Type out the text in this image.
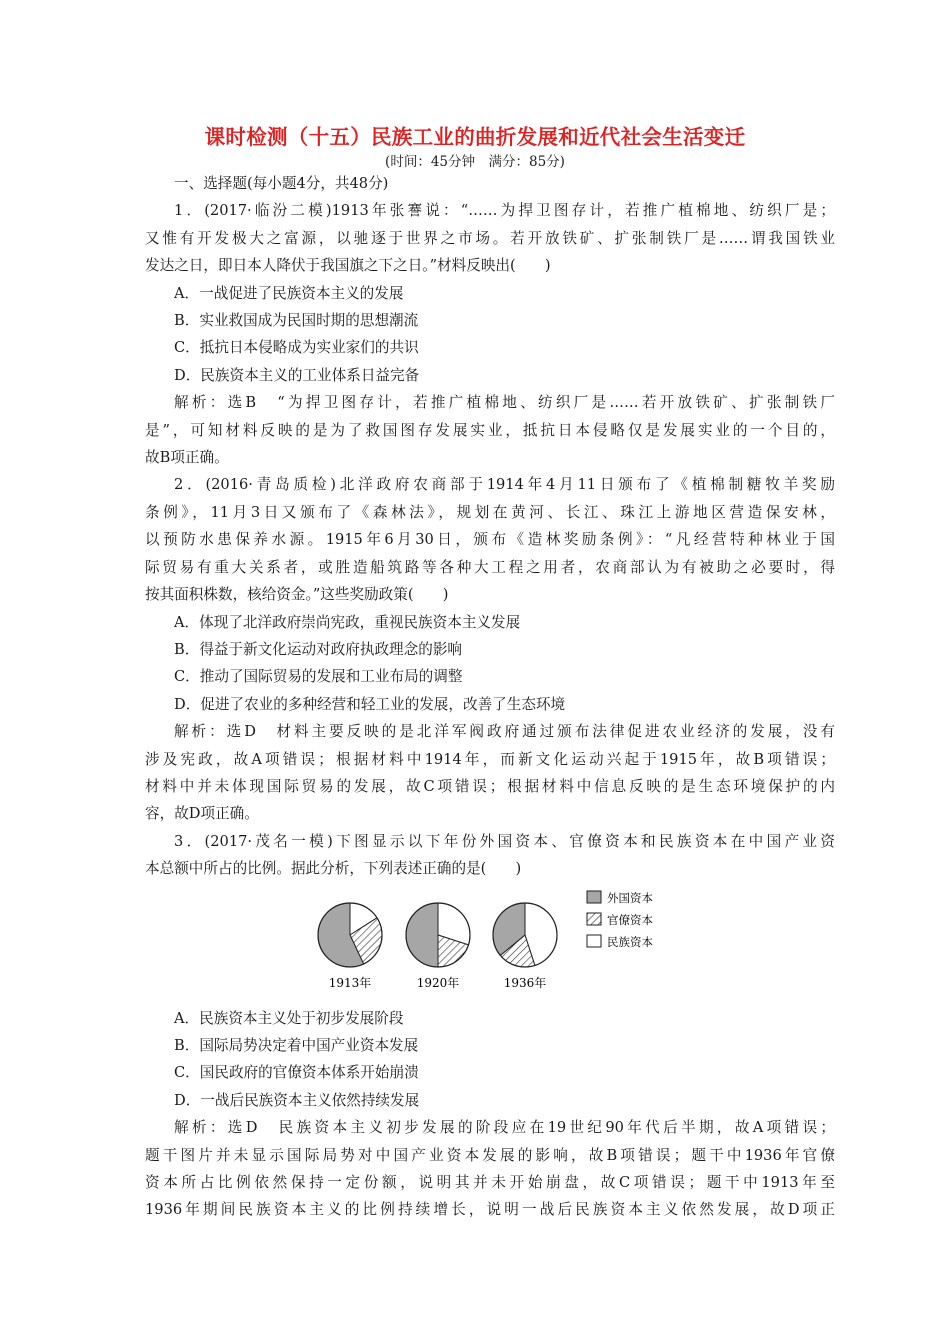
课时检测（十五）民族工业的曲折发展和近代社会生活变迁
(时间：45分钟　满分：85分)

一、选择题(每小题4分，共48分)

1．(2017·临汾二模)1913年张謇说：“……为捍卫图存计，若推广植棉地、纺织厂是；

又惟有开发极大之富源，以驰逐于世界之市场。若开放铁矿、扩张制铁厂是……谓我国铁业

发达之日，即日本人降伏于我国旗之下之日。”材料反映出(　　)

A．一战促进了民族资本主义的发展

B．实业救国成为民国时期的思想潮流

C．抵抗日本侵略成为实业家们的共识

D．民族资本主义的工业体系日益完备

解析：选B　“为捍卫图存计，若推广植棉地、纺织厂是……若开放铁矿、扩张制铁厂

是”，可知材料反映的是为了救国图存发展实业，抵抗日本侵略仅是发展实业的一个目的，

故B项正确。

2．(2016·青岛质检)北洋政府农商部于1914年4月11日颁布了《植棉制糖牧羊奖励

条例》，11月3日又颁布了《森林法》，规划在黄河、长江、珠江上游地区营造保安林，

以预防水患保养水源。1915年6月30日，颁布《造林奖励条例》：“凡经营特种林业于国

际贸易有重大关系者，或胜造船筑路等各种大工程之用者，农商部认为有被助之必要时，得

按其面积株数，核给资金。”这些奖励政策(　　)

A．体现了北洋政府崇尚宪政，重视民族资本主义发展

B．得益于新文化运动对政府执政理念的影响

C．推动了国际贸易的发展和工业布局的调整

D．促进了农业的多种经营和轻工业的发展，改善了生态环境

解析：选D　材料主要反映的是北洋军阀政府通过颁布法律促进农业经济的发展，没有

涉及宪政，故A项错误；根据材料中1914年，而新文化运动兴起于1915年，故B项错误；

材料中并未体现国际贸易的发展，故C项错误；根据材料中信息反映的是生态环境保护的内

容，故D项正确。

3．(2017·茂名一模)下图显示以下年份外国资本、官僚资本和民族资本在中国产业资

本总额中所占的比例。据此分析，下列表述正确的是(　　)

1913年	1920年	1936年
外国资本
官僚资本
民族资本

A．民族资本主义处于初步发展阶段

B．国际局势决定着中国产业资本发展

C．国民政府的官僚资本体系开始崩溃

D．一战后民族资本主义依然持续发展

解析：选D　民族资本主义初步发展的阶段应在19世纪90年代后半期，故A项错误；

题干图片并未显示国际局势对中国产业资本发展的影响，故B项错误；题干中1936年官僚

资本所占比例依然保持一定份额，说明其并未开始崩盘，故C项错误；题干中1913年至

1936年期间民族资本主义的比例持续增长，说明一战后民族资本主义依然发展，故D项正
